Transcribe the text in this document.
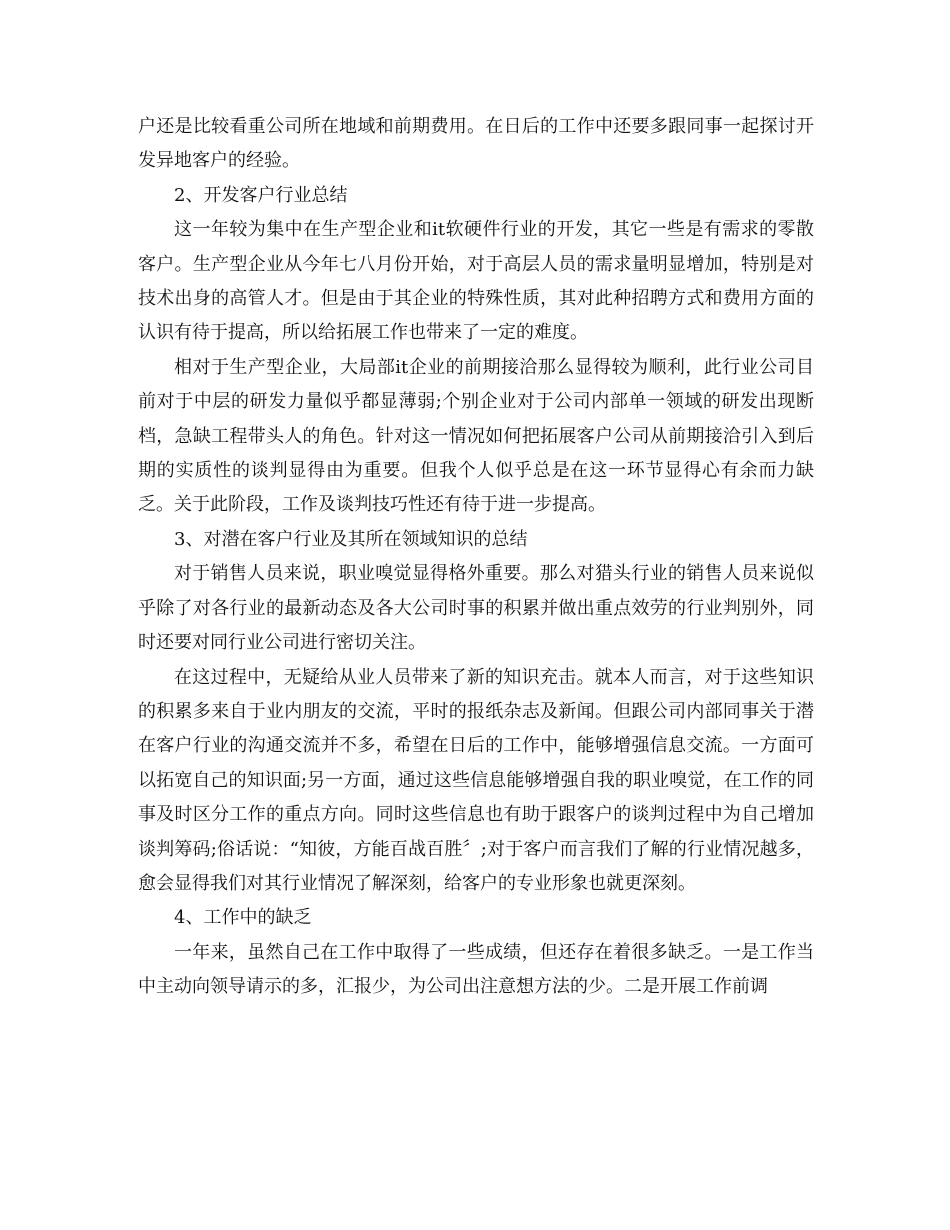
户还是比较看重公司所在地域和前期费用。在日后的工作中还要多跟同事一起探讨开发异地客户的经验。

2、开发客户行业总结

这一年较为集中在生产型企业和it软硬件行业的开发，其它一些是有需求的零散客户。生产型企业从今年七八月份开始，对于高层人员的需求量明显增加，特别是对技术出身的高管人才。但是由于其企业的特殊性质，其对此种招聘方式和费用方面的认识有待于提高，所以给拓展工作也带来了一定的难度。

相对于生产型企业，大局部it企业的前期接洽那么显得较为顺利，此行业公司目前对于中层的研发力量似乎都显薄弱;个别企业对于公司内部单一领域的研发出现断档，急缺工程带头人的角色。针对这一情况如何把拓展客户公司从前期接洽引入到后期的实质性的谈判显得由为重要。但我个人似乎总是在这一环节显得心有余而力缺乏。关于此阶段，工作及谈判技巧性还有待于进一步提高。

3、对潜在客户行业及其所在领域知识的总结

对于销售人员来说，职业嗅觉显得格外重要。那么对猎头行业的销售人员来说似乎除了对各行业的最新动态及各大公司时事的积累并做出重点效劳的行业判别外，同时还要对同行业公司进行密切关注。

在这过程中，无疑给从业人员带来了新的知识充击。就本人而言，对于这些知识的积累多来自于业内朋友的交流，平时的报纸杂志及新闻。但跟公司内部同事关于潜在客户行业的沟通交流并不多，希望在日后的工作中，能够增强信息交流。一方面可以拓宽自己的知识面;另一方面，通过这些信息能够增强自我的职业嗅觉，在工作的同事及时区分工作的重点方向。同时这些信息也有助于跟客户的谈判过程中为自己增加谈判筹码;俗话说：“知彼，方能百战百胜〞;对于客户而言我们了解的行业情况越多，愈会显得我们对其行业情况了解深刻，给客户的专业形象也就更深刻。

4、工作中的缺乏

一年来，虽然自己在工作中取得了一些成绩，但还存在着很多缺乏。一是工作当中主动向领导请示的多，汇报少，为公司出注意想方法的少。二是开展工作前调
